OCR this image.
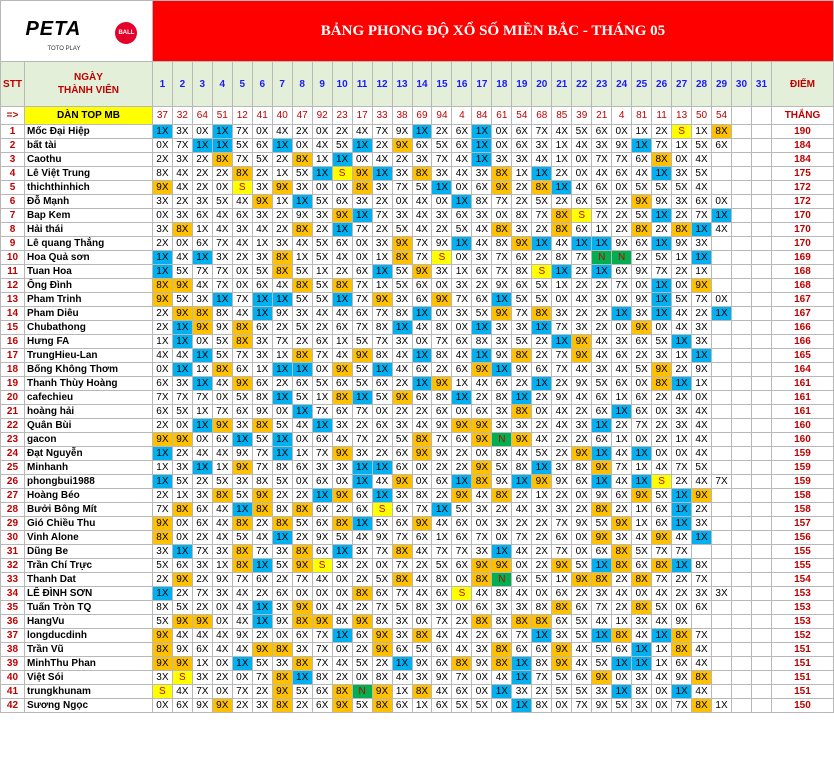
PETA
TOTO PLAY
BALL		BẢNG PHONG ĐỘ XỔ SỐ MIỀN BẮC - THÁNG 05																															
STT	NGÀY
THÀNH VIÊN	1	2	3	4	5	6	7	8	9	10	11	12	13	14	15	16	17	18	19	20	21	22	23	24	25	26	27	28	29	30	31	ĐIỂM
=>	DÀN TOP MB	37	32	64	51	12	41	40	47	92	23	17	33	38	69	94	4	84	61	54	68	85	39	21	4	81	11	13	50	54			THẮNG
1	Mốc Đại Hiệp	1X	3X	0X	1X	7X	0X	4X	2X	0X	2X	4X	7X	9X	1X	2X	6X	1X	0X	6X	7X	4X	5X	6X	0X	1X	2X	S	1X	8X			190
2	bất tài	0X	7X	1X	1X	5X	6X	1X	0X	4X	5X	1X	2X	9X	6X	5X	6X	1X	0X	6X	3X	1X	4X	3X	9X	1X	7X	1X	5X	6X			184
3	Caothu	2X	3X	2X	8X	7X	5X	2X	8X	1X	1X	0X	4X	2X	3X	7X	4X	1X	3X	3X	4X	1X	0X	7X	7X	6X	8X	0X	4X				184
4	Lê Việt Trung	8X	4X	2X	2X	8X	2X	1X	5X	1X	S	9X	1X	3X	8X	3X	4X	3X	8X	1X	1X	2X	0X	4X	6X	4X	1X	3X	5X				175
5	thichthinhich	9X	4X	2X	0X	S	3X	9X	3X	0X	0X	8X	3X	7X	5X	1X	0X	6X	9X	2X	8X	1X	4X	6X	0X	5X	5X	5X	4X				172
6	Đỗ Mạnh	3X	2X	3X	5X	4X	9X	1X	1X	5X	6X	3X	2X	0X	4X	0X	1X	8X	7X	2X	5X	2X	6X	5X	2X	9X	9X	3X	6X	0X			172
7	Bap Kem	0X	3X	6X	4X	6X	3X	2X	9X	3X	9X	1X	7X	3X	4X	3X	6X	3X	0X	8X	7X	8X	S	7X	2X	5X	1X	2X	7X	1X			170
8	Hải thái	3X	8X	1X	4X	3X	4X	2X	8X	2X	1X	7X	2X	5X	4X	2X	5X	4X	8X	3X	2X	8X	6X	1X	2X	8X	2X	8X	1X	4X			170
9	Lê quang Thắng	2X	0X	6X	7X	4X	1X	3X	4X	5X	6X	0X	3X	9X	7X	9X	1X	4X	8X	9X	1X	4X	1X	1X	9X	6X	1X	9X	3X				170
10	Hoa Quả sơn	1X	4X	1X	3X	2X	3X	8X	1X	5X	4X	0X	1X	8X	7X	S	0X	3X	7X	6X	2X	8X	7X	N	N	2X	5X	1X	1X				169
11	Tuan Hoa	1X	5X	7X	7X	0X	5X	8X	5X	1X	2X	6X	1X	5X	9X	3X	1X	6X	7X	8X	S	1X	2X	1X	6X	9X	7X	2X	1X				168
12	Ông Đình	8X	9X	4X	7X	0X	6X	4X	8X	5X	8X	7X	1X	5X	6X	0X	3X	2X	9X	6X	5X	1X	2X	2X	7X	0X	1X	0X	9X				168
13	Pham Trinh	9X	5X	3X	1X	7X	1X	1X	5X	5X	1X	7X	9X	3X	6X	9X	7X	6X	1X	5X	5X	0X	4X	3X	0X	9X	1X	5X	7X	0X			167
14	Pham Diêu	2X	9X	8X	8X	4X	1X	9X	3X	4X	4X	6X	7X	8X	1X	0X	3X	5X	9X	7X	8X	3X	2X	2X	1X	3X	1X	4X	2X	1X			167
15	Chubathong	2X	1X	9X	9X	8X	6X	2X	5X	2X	6X	7X	8X	1X	4X	8X	0X	1X	3X	3X	1X	7X	3X	2X	0X	9X	0X	4X	3X				166
16	Hưng FA	1X	1X	0X	5X	8X	3X	7X	2X	6X	1X	5X	7X	3X	0X	7X	6X	8X	3X	5X	2X	1X	9X	4X	3X	6X	5X	1X	3X				166
17	TrungHieu-Lan	4X	4X	1X	5X	7X	3X	1X	8X	7X	4X	9X	8X	4X	1X	8X	4X	1X	9X	8X	2X	7X	9X	4X	6X	2X	3X	1X	1X				165
18	Bống Không Thơm	0X	1X	1X	8X	6X	1X	1X	1X	0X	9X	5X	1X	4X	6X	2X	6X	9X	1X	9X	6X	7X	4X	3X	4X	5X	9X	2X	9X				164
19	Thanh Thùy Hoàng	6X	3X	1X	4X	9X	6X	2X	6X	5X	6X	5X	6X	2X	1X	9X	1X	4X	6X	2X	1X	2X	9X	5X	6X	0X	8X	1X	1X				161
20	cafechieu	7X	7X	7X	0X	5X	8X	1X	5X	1X	8X	1X	5X	9X	6X	8X	1X	2X	8X	1X	2X	9X	4X	6X	1X	6X	2X	4X	0X				161
21	hoàng hải	6X	5X	1X	7X	6X	9X	0X	1X	7X	6X	7X	0X	2X	2X	6X	0X	6X	3X	8X	0X	4X	2X	6X	1X	6X	0X	3X	4X				161
22	Quân Bùi	2X	0X	1X	9X	3X	8X	5X	4X	1X	3X	2X	6X	3X	4X	9X	9X	9X	3X	3X	2X	4X	3X	1X	2X	7X	2X	3X	4X				160
23	gacon	9X	9X	0X	6X	1X	5X	1X	0X	6X	4X	7X	2X	5X	8X	7X	6X	9X	N	9X	4X	2X	2X	6X	1X	0X	2X	1X	4X				160
24	Đạt Nguyễn	1X	2X	4X	4X	9X	7X	1X	1X	7X	9X	3X	2X	6X	9X	9X	2X	0X	8X	4X	5X	2X	9X	1X	4X	1X	0X	0X	4X				159
25	Minhanh	1X	3X	1X	1X	9X	7X	8X	6X	3X	3X	1X	1X	6X	0X	2X	2X	9X	5X	8X	1X	3X	8X	9X	7X	1X	4X	7X	5X				159
26	phongbui1988	1X	5X	2X	5X	3X	8X	5X	0X	6X	0X	1X	4X	9X	0X	6X	1X	8X	9X	1X	9X	9X	6X	1X	4X	1X	S	2X	4X	7X			159
27	Hoàng Béo	2X	1X	3X	8X	5X	9X	2X	2X	1X	9X	6X	1X	3X	8X	2X	9X	4X	8X	2X	1X	2X	0X	9X	6X	9X	5X	1X	9X				158
28	Bưởi Bông Mít	7X	8X	6X	4X	1X	8X	8X	8X	6X	2X	6X	S	6X	7X	1X	5X	3X	2X	4X	3X	3X	2X	8X	2X	1X	6X	1X	2X				158
29	Gió Chiều Thu	9X	0X	6X	4X	8X	2X	8X	5X	6X	8X	1X	5X	6X	9X	4X	6X	0X	3X	2X	2X	7X	9X	5X	9X	1X	6X	1X	3X				157
30	Vinh Alone	8X	0X	2X	4X	5X	4X	1X	2X	9X	5X	4X	9X	7X	6X	1X	6X	7X	0X	7X	2X	6X	0X	9X	3X	4X	9X	4X	1X				156
31	Dũng Be	3X	1X	7X	3X	8X	7X	3X	8X	6X	1X	3X	7X	8X	4X	7X	7X	3X	1X	4X	2X	7X	0X	6X	8X	5X	7X	7X					155
32	Trần Chí Trực	5X	6X	3X	1X	8X	1X	5X	9X	S	3X	2X	0X	7X	2X	5X	6X	9X	9X	0X	2X	9X	5X	1X	8X	6X	8X	1X	8X				155
33	Thanh Dat	2X	9X	2X	9X	7X	6X	2X	7X	4X	0X	2X	5X	8X	4X	8X	0X	8X	N	6X	5X	1X	9X	8X	2X	8X	7X	2X	7X				154
34	LÊ ĐÌNH SƠN	1X	2X	7X	3X	4X	2X	6X	0X	0X	0X	8X	6X	7X	4X	6X	S	4X	8X	4X	0X	6X	2X	3X	4X	0X	4X	2X	3X	3X			153
35	Tuấn Tròn TQ	8X	5X	2X	0X	4X	1X	3X	9X	0X	4X	2X	7X	5X	8X	3X	0X	6X	3X	3X	8X	8X	6X	7X	2X	8X	5X	0X	6X				153
36	HangVu	5X	9X	9X	0X	4X	1X	9X	8X	9X	8X	9X	8X	3X	0X	7X	2X	8X	8X	8X	8X	6X	5X	4X	1X	3X	4X	9X					153
37	longducdinh	9X	4X	4X	4X	9X	2X	0X	6X	7X	1X	6X	9X	3X	8X	4X	4X	2X	6X	7X	1X	3X	5X	1X	8X	4X	1X	8X	7X				152
38	Trần Vũ	8X	9X	6X	4X	4X	9X	8X	3X	7X	0X	2X	9X	6X	5X	6X	4X	3X	8X	6X	6X	9X	4X	5X	6X	1X	1X	8X	4X				151
39	MinhThu Phan	9X	9X	1X	0X	1X	5X	3X	8X	7X	4X	5X	2X	1X	9X	6X	8X	9X	8X	1X	8X	9X	4X	5X	1X	1X	1X	6X	4X				151
40	Việt Sói	3X	S	3X	2X	0X	7X	8X	1X	8X	2X	0X	8X	4X	3X	9X	7X	0X	4X	1X	7X	5X	6X	9X	0X	3X	4X	9X	8X				151
41	trungkhunam	S	4X	7X	0X	7X	2X	9X	5X	6X	8X	N	9X	1X	8X	4X	6X	0X	1X	3X	2X	5X	5X	3X	1X	8X	0X	1X	4X				151
42	Sương Ngọc	0X	6X	9X	9X	2X	3X	8X	2X	6X	9X	5X	8X	6X	1X	6X	5X	5X	0X	1X	8X	0X	7X	9X	5X	3X	0X	7X	8X	1X			150
